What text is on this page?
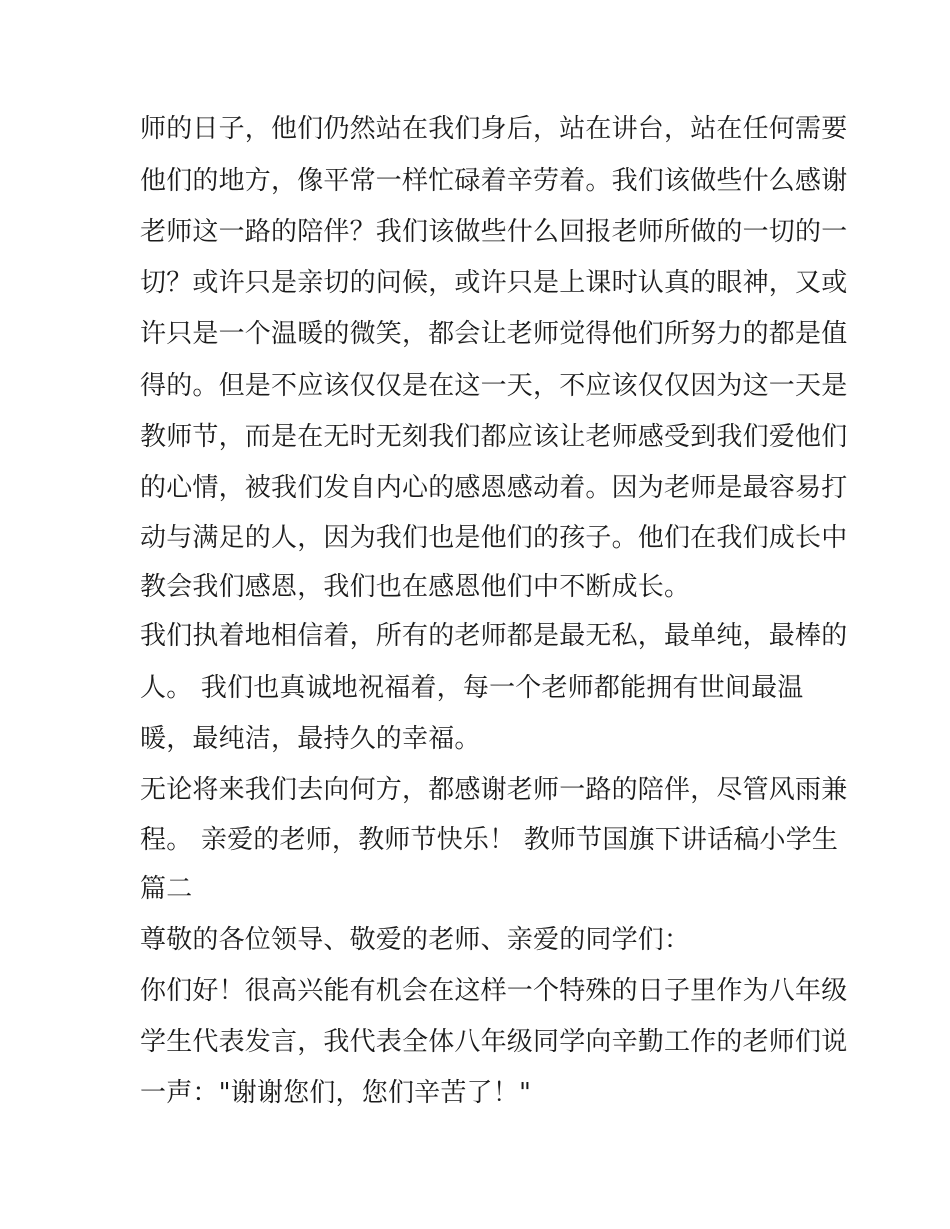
师的日子，他们仍然站在我们身后，站在讲台，站在任何需要
他们的地方，像平常一样忙碌着辛劳着。我们该做些什么感谢
老师这一路的陪伴？我们该做些什么回报老师所做的一切的一
切？或许只是亲切的问候，或许只是上课时认真的眼神，又或
许只是一个温暖的微笑，都会让老师觉得他们所努力的都是值
得的。但是不应该仅仅是在这一天，不应该仅仅因为这一天是
教师节，而是在无时无刻我们都应该让老师感受到我们爱他们
的心情，被我们发自内心的感恩感动着。因为老师是最容易打
动与满足的人，因为我们也是他们的孩子。他们在我们成长中
教会我们感恩，我们也在感恩他们中不断成长。
我们执着地相信着，所有的老师都是最无私，最单纯，最棒的
人。 我们也真诚地祝福着，每一个老师都能拥有世间最温
暖，最纯洁，最持久的幸福。
无论将来我们去向何方，都感谢老师一路的陪伴，尽管风雨兼
程。 亲爱的老师，教师节快乐！ 教师节国旗下讲话稿小学生
篇二
尊敬的各位领导、敬爱的老师、亲爱的同学们：
你们好！很高兴能有机会在这样一个特殊的日子里作为八年级
学生代表发言，我代表全体八年级同学向辛勤工作的老师们说
一声："谢谢您们，您们辛苦了！"
